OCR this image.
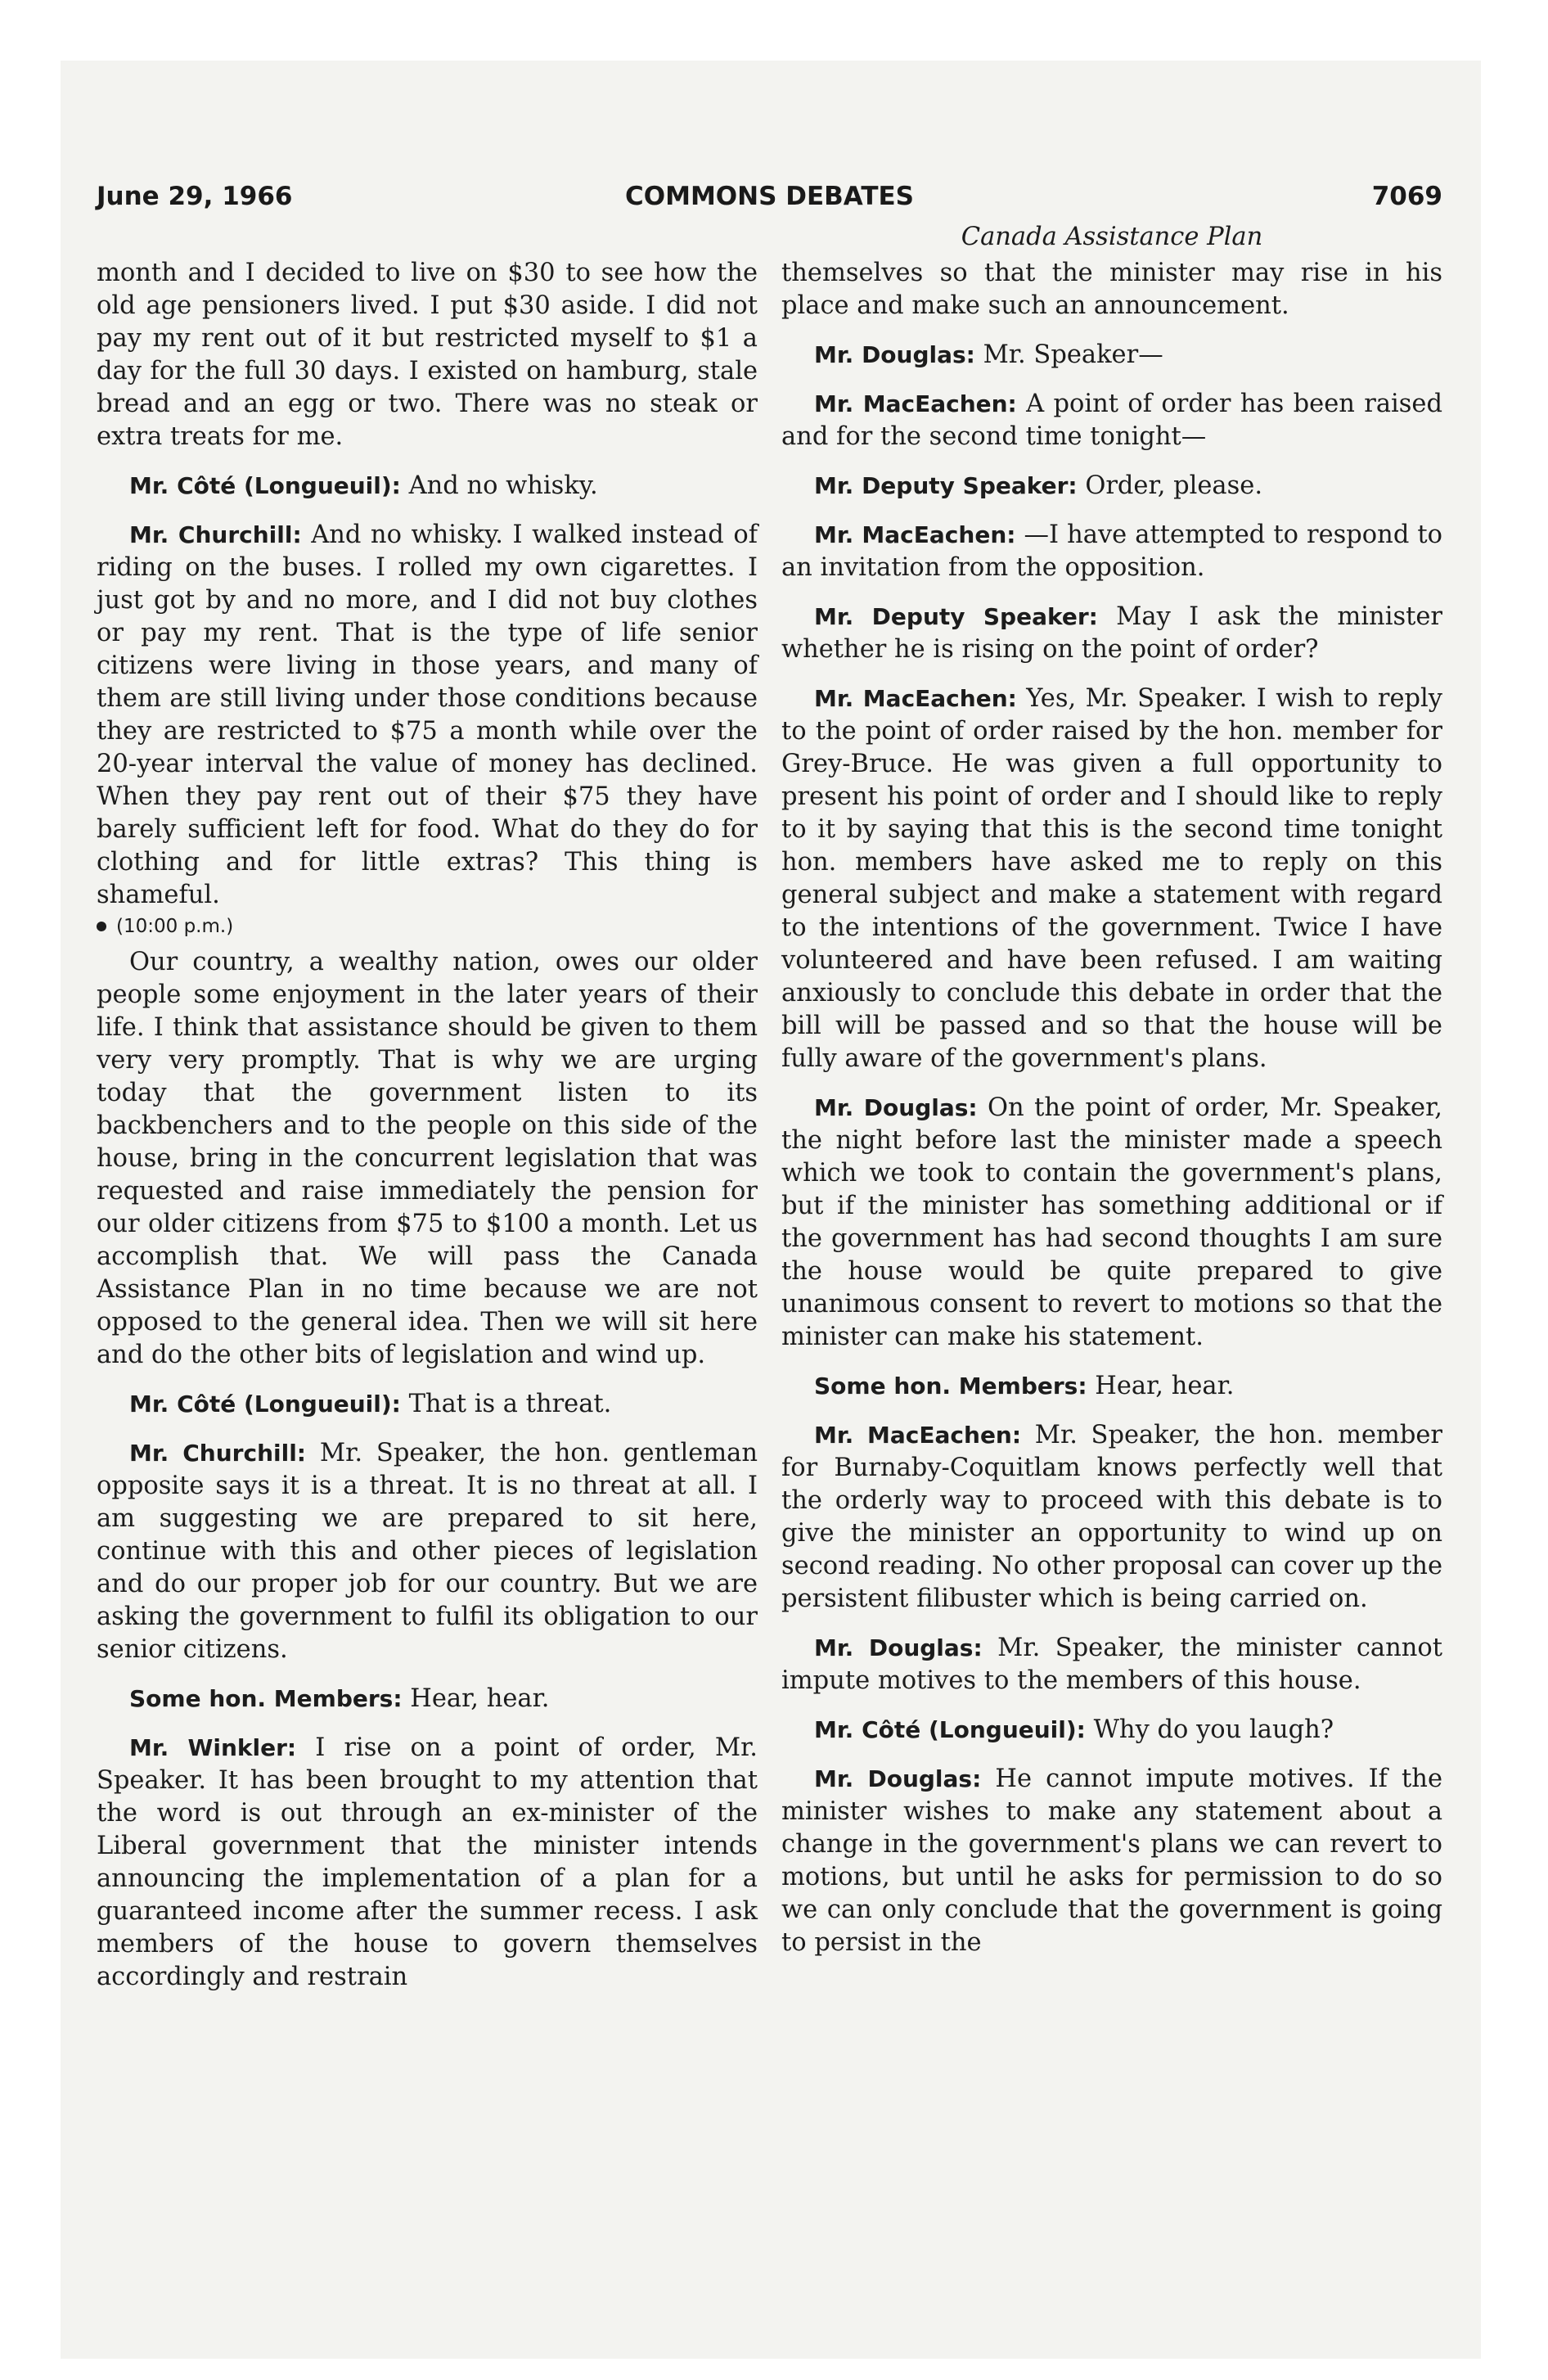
June 29, 1966	COMMONS DEBATES	7069

month and I decided to live on $30 to see how the old age pensioners lived. I put $30 aside. I did not pay my rent out of it but restricted myself to $1 a day for the full 30 days. I existed on hamburg, stale bread and an egg or two. There was no steak or extra treats for me.

Mr. Côté (Longueuil): And no whisky.

Mr. Churchill: And no whisky. I walked instead of riding on the buses. I rolled my own cigarettes. I just got by and no more, and I did not buy clothes or pay my rent. That is the type of life senior citizens were living in those years, and many of them are still living under those conditions because they are restricted to $75 a month while over the 20-year interval the value of money has declined. When they pay rent out of their $75 they have barely sufficient left for food. What do they do for clothing and for little extras? This thing is shameful.

(10:00 p.m.)

Our country, a wealthy nation, owes our older people some enjoyment in the later years of their life. I think that assistance should be given to them very very promptly. That is why we are urging today that the government listen to its backbenchers and to the people on this side of the house, bring in the concurrent legislation that was requested and raise immediately the pension for our older citizens from $75 to $100 a month. Let us accomplish that. We will pass the Canada Assistance Plan in no time because we are not opposed to the general idea. Then we will sit here and do the other bits of legislation and wind up.

Mr. Côté (Longueuil): That is a threat.

Mr. Churchill: Mr. Speaker, the hon. gentleman opposite says it is a threat. It is no threat at all. I am suggesting we are prepared to sit here, continue with this and other pieces of legislation and do our proper job for our country. But we are asking the government to fulfil its obligation to our senior citizens.

Some hon. Members: Hear, hear.

Mr. Winkler: I rise on a point of order, Mr. Speaker. It has been brought to my attention that the word is out through an ex-minister of the Liberal government that the minister intends announcing the implementation of a plan for a guaranteed income after the summer recess. I ask members of the house to govern themselves accordingly and restrain

Canada Assistance Plan

themselves so that the minister may rise in his place and make such an announcement.

Mr. Douglas: Mr. Speaker—

Mr. MacEachen: A point of order has been raised and for the second time tonight—

Mr. Deputy Speaker: Order, please.

Mr. MacEachen: —I have attempted to respond to an invitation from the opposition.

Mr. Deputy Speaker: May I ask the minister whether he is rising on the point of order?

Mr. MacEachen: Yes, Mr. Speaker. I wish to reply to the point of order raised by the hon. member for Grey-Bruce. He was given a full opportunity to present his point of order and I should like to reply to it by saying that this is the second time tonight hon. members have asked me to reply on this general subject and make a statement with regard to the intentions of the government. Twice I have volunteered and have been refused. I am waiting anxiously to conclude this debate in order that the bill will be passed and so that the house will be fully aware of the government's plans.

Mr. Douglas: On the point of order, Mr. Speaker, the night before last the minister made a speech which we took to contain the government's plans, but if the minister has something additional or if the government has had second thoughts I am sure the house would be quite prepared to give unanimous consent to revert to motions so that the minister can make his statement.

Some hon. Members: Hear, hear.

Mr. MacEachen: Mr. Speaker, the hon. member for Burnaby-Coquitlam knows perfectly well that the orderly way to proceed with this debate is to give the minister an opportunity to wind up on second reading. No other proposal can cover up the persistent filibuster which is being carried on.

Mr. Douglas: Mr. Speaker, the minister cannot impute motives to the members of this house.

Mr. Côté (Longueuil): Why do you laugh?

Mr. Douglas: He cannot impute motives. If the minister wishes to make any statement about a change in the government's plans we can revert to motions, but until he asks for permission to do so we can only conclude that the government is going to persist in the
